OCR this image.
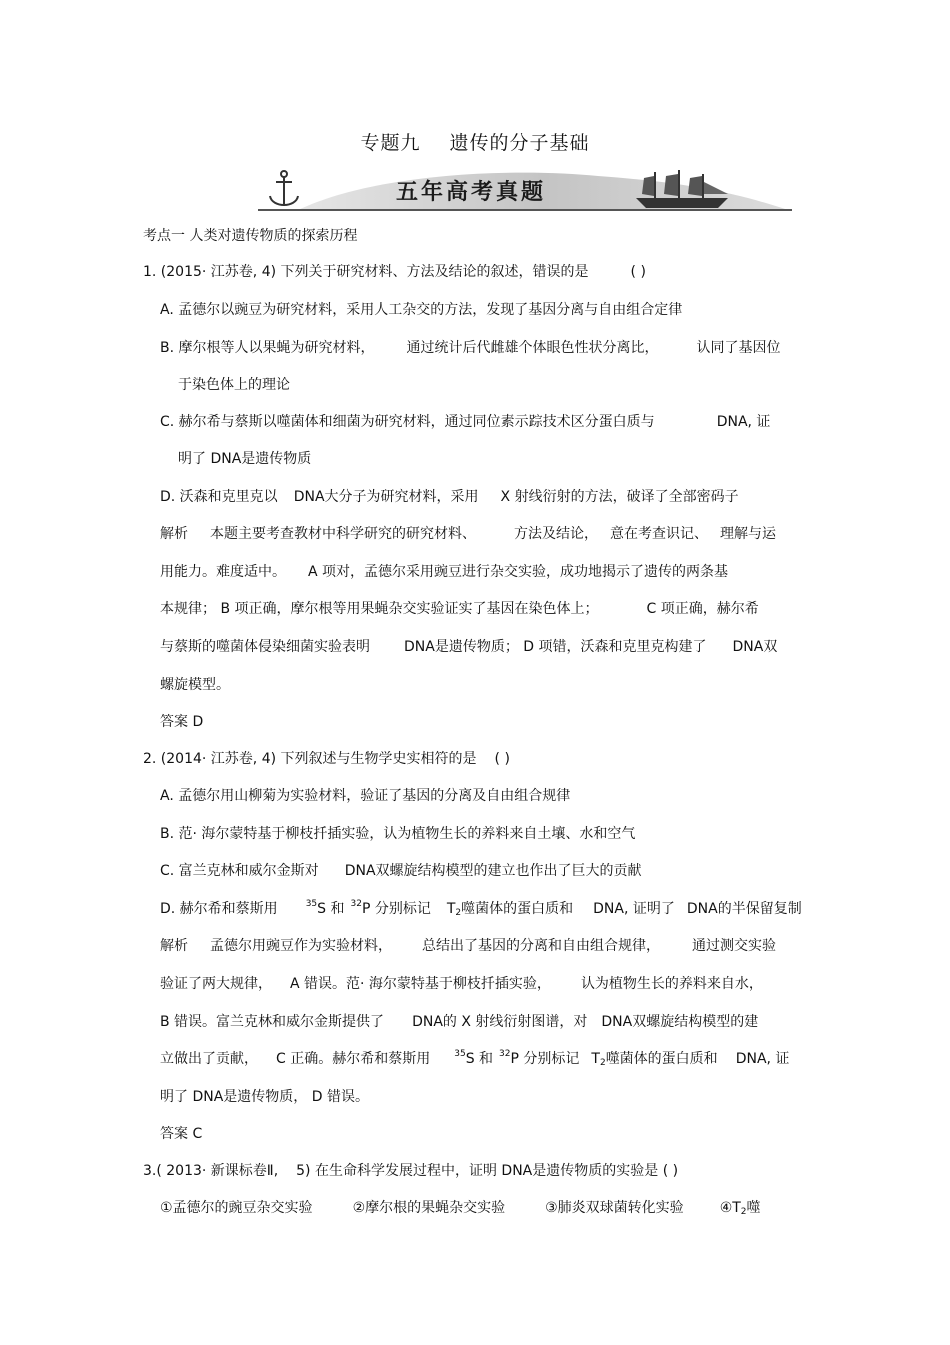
专题九 遗传的分子基础
五年高考真题
考点一 人类对遗传物质的探索历程
1. (2015· 江苏卷, 4) 下列关于研究材料、方法及结论的叙述，错误的是	( )
A. 孟德尔以豌豆为研究材料，采用人工杂交的方法，发现了基因分离与自由组合定律
B. 摩尔根等人以果蝇为研究材料， 通过统计后代雌雄个体眼色性状分离比，	认同了基因位
于染色体上的理论
C. 赫尔希与蔡斯以噬菌体和细菌为研究材料，通过同位素示踪技术区分蛋白质与	DNA, 证
明了 DNA是遗传物质
D. 沃森和克里克以 DNA大分子为研究材料，采用 X 射线衍射的方法，破译了全部密码子
解析 本题主要考查教材中科学研究的研究材料、	方法及结论， 意在考查识记、 理解与运
用能力。难度适中。 A 项对，孟德尔采用豌豆进行杂交实验，成功地揭示了遗传的两条基
本规律； B 项正确，摩尔根等用果蝇杂交实验证实了基因在染色体上；	C 项正确，赫尔希
与蔡斯的噬菌体侵染细菌实验表明 DNA是遗传物质； D 项错，沃森和克里克构建了 DNA双
螺旋模型。
答案 D
2. (2014· 江苏卷, 4) 下列叙述与生物学史实相符的是 ( )
A. 孟德尔用山柳菊为实验材料，验证了基因的分离及自由组合规律
B. 范· 海尔蒙特基于柳枝扦插实验，认为植物生长的养料来自土壤、水和空气
C. 富兰克林和威尔金斯对 DNA双螺旋结构模型的建立也作出了巨大的贡献
D. 赫尔希和蔡斯用	$^{35}$S 和 $^{32}$P 分别标记 $T_2$噬菌体的蛋白质和 DNA, 证明了 DNA的半保留复制
解析 孟德尔用豌豆作为实验材料， 总结出了基因的分离和自由组合规律， 通过测交实验
验证了两大规律， A 错误。范· 海尔蒙特基于柳枝扦插实验， 认为植物生长的养料来自水，
B 错误。富兰克林和威尔金斯提供了 DNA的 X 射线衍射图谱，对 DNA双螺旋结构模型的建
立做出了贡献， C 正确。赫尔希和蔡斯用	$^{35}$S 和 $^{32}$P 分别标记 $T_2$噬菌体的蛋白质和 DNA, 证
明了 DNA是遗传物质， D 错误。
答案 C
3.( 2013· 新课标卷Ⅱ, 5) 在生命科学发展过程中，证明 DNA是遗传物质的实验是 ( )
①孟德尔的豌豆杂交实验	②摩尔根的果蝇杂交实验	③肺炎双球菌转化实验	$④T_2$噬
